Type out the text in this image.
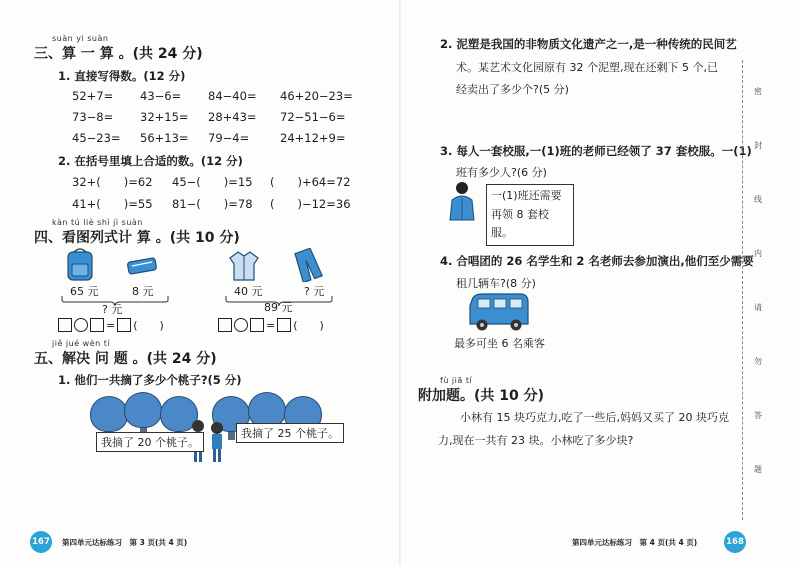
suàn yi suàn
三、算 一 算 。(共 24 分)
1. 直接写得数。(12 分)
52+7= 43−6= 84−40= 46+20−23=
73−8= 32+15= 28+43= 72−51−6=
45−23= 56+13= 79−4=	24+12+9=
2. 在括号里填上合适的数。(12 分)
32+(　　)=62 45−(　　)=15 (　　)+64=72
41+(　　)=55 81−(　　)=78 (　　)−12=36
kàn tú liè shì jì suàn
四、看图列式计 算 。(共 10 分)
65 元	8 元
? 元
= (　　)
40 元	? 元
89 元
= (　　)
jiě jué wèn tí
五、解决 问 题 。(共 24 分)
1. 他们一共摘了多少个桃子?(5 分)
我摘了 20 个桃子。
我摘了 25 个桃子。
167 第四单元达标练习　第 3 页(共 4 页)
2. 泥塑是我国的非物质文化遗产之一,是一种传统的民间艺
术。某艺术文化园原有 32 个泥塑,现在还剩下 5 个,已
经卖出了多少个?(5 分)
3. 每人一套校服,一(1)班的老师已经领了 37 套校服。一(1)
班有多少人?(6 分)
一(1)班还需要
再领 8 套校服。
4. 合唱团的 26 名学生和 2 名老师去参加演出,他们至少需要
租几辆车?(8 分)
最多可坐 6 名乘客
fù jiā tí
附加题。(共 10 分)
小林有 15 块巧克力,吃了一些后,妈妈又买了 20 块巧克
力,现在一共有 23 块。小林吃了多少块?
密
封
线
内
请
勿
答
题
第四单元达标练习　第 4 页(共 4 页)	168
